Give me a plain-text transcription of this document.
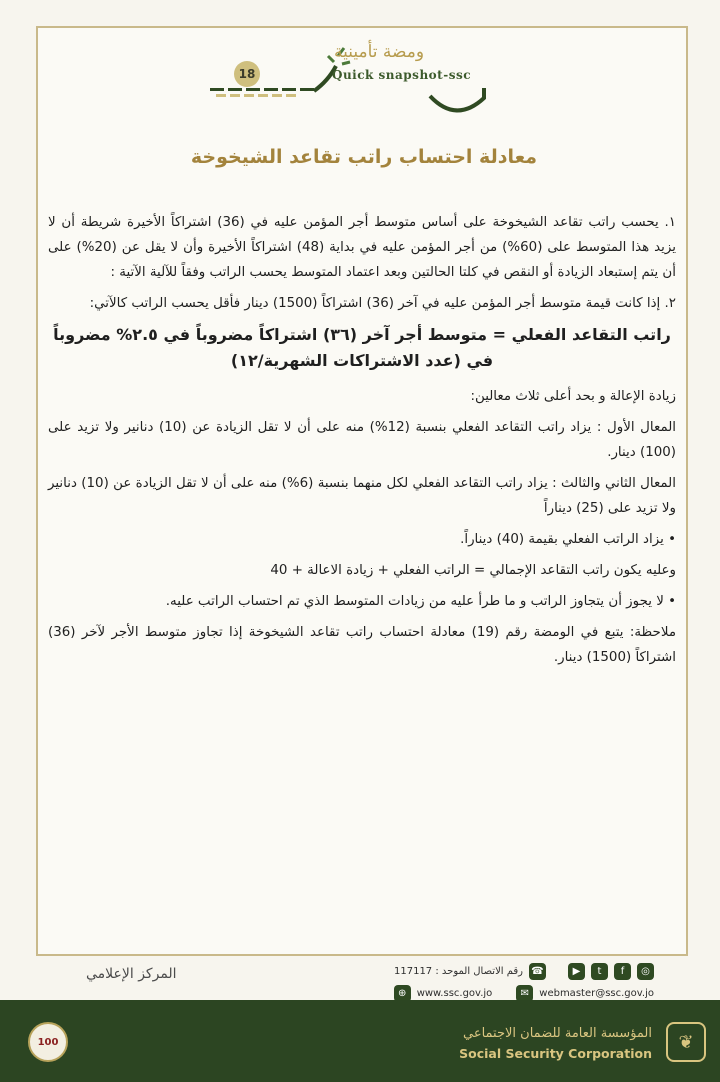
18
ومضة تأمينية
Quick snapshot-ssc
معادلة احتساب راتب تقاعد الشيخوخة

١. يحسب راتب تقاعد الشيخوخة على أساس متوسط أجر المؤمن عليه في (36) اشتراكاً الأخيرة شريطة أن لا يزيد هذا المتوسط على (60%) من أجر المؤمن عليه في بداية (48) اشتراكاً الأخيرة وأن لا يقل عن (20%) على أن يتم إستبعاد الزيادة أو النقص في كلتا الحالتين وبعد اعتماد المتوسط يحسب الراتب وفقاً للآلية الآتية :

٢. إذا كانت قيمة متوسط أجر المؤمن عليه في آخر (36) اشتراكاً (1500) دينار فأقل يحسب الراتب كالآتي:

راتب التقاعد الفعلي = متوسط أجر آخر (٣٦) اشتراكاً مضروباً في ٢.٥% مضروباً في (عدد الاشتراكات الشهرية/١٢)

زيادة الإعالة و بحد أعلى ثلاث معالين:

المعال الأول : يزاد راتب التقاعد الفعلي بنسبة (12%) منه على أن لا تقل الزيادة عن (10) دنانير ولا تزيد على (100) دينار.

المعال الثاني والثالث : يزاد راتب التقاعد الفعلي لكل منهما بنسبة (6%) منه على أن لا تقل الزيادة عن (10) دنانير ولا تزيد على (25) ديناراً

• يزاد الراتب الفعلي بقيمة (40) ديناراً.

وعليه يكون راتب التقاعد الإجمالي = الراتب الفعلي + زيادة الاعالة + 40

• لا يجوز أن يتجاوز الراتب و ما طرأ عليه من زيادات المتوسط الذي تم احتساب الراتب عليه.

ملاحظة: يتبع في الومضة رقم (19) معادلة احتساب راتب تقاعد الشيخوخة إذا تجاوز متوسط الأجر لآخر (36) اشتراكاً (1500) دينار.

المركز الإعلامي	رقم الاتصال الموحد : 117117 ☎	▶	t	f	◎
⊕	www.ssc.gov.jo	✉	webmaster@ssc.gov.jo
100
المؤسسة العامة للضمان الاجتماعي
Social Security Corporation
❦
